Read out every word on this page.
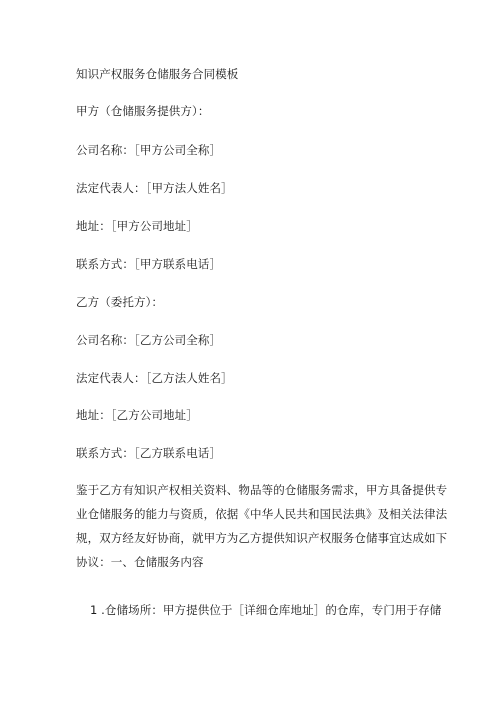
知识产权服务仓储服务合同模板
甲方（仓储服务提供方）：
公司名称：［甲方公司全称］
法定代表人：［甲方法人姓名］
地址：［甲方公司地址］
联系方式：［甲方联系电话］
乙方（委托方）：
公司名称：［乙方公司全称］
法定代表人：［乙方法人姓名］
地址：［乙方公司地址］
联系方式：［乙方联系电话］
鉴于乙方有知识产权相关资料、物品等的仓储服务需求，甲方具备提供专
业仓储服务的能力与资质，依据《中华人民共和国民法典》及相关法律法
规，双方经友好协商，就甲方为乙方提供知识产权服务仓储事宜达成如下
协议：一、仓储服务内容
1 .仓储场所：甲方提供位于［详细仓库地址］的仓库，专门用于存储
